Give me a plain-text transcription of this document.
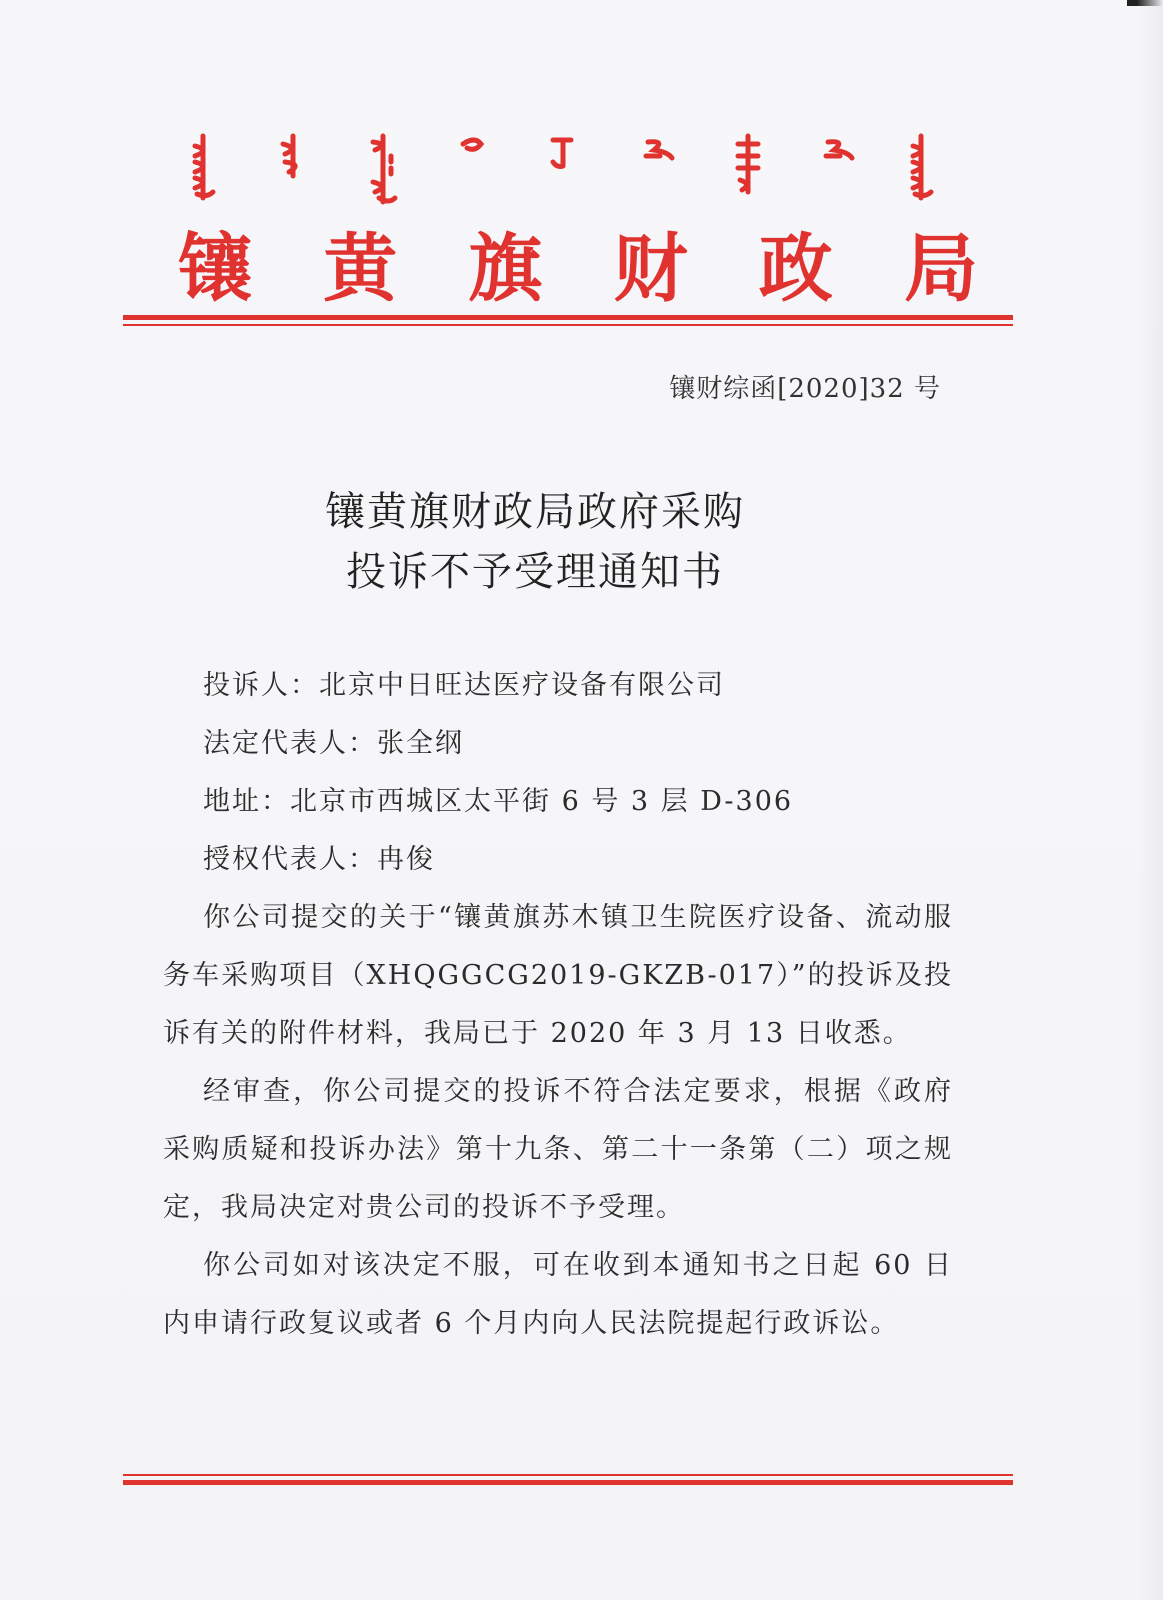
镶 黄 旗 财 政 局
镶财综函[2020]32 号
镶黄旗财政局政府采购
投诉不予受理通知书
投诉人：北京中日旺达医疗设备有限公司
法定代表人：张全纲
地址：北京市西城区太平街 6 号 3 层 D-306
授权代表人：冉俊

你公司提交的关于“镶黄旗苏木镇卫生院医疗设备、流动服务车采购项目（XHQGGCG2019-GKZB-017）”的投诉及投诉有关的附件材料，我局已于 2020 年 3 月 13 日收悉。

经审查，你公司提交的投诉不符合法定要求，根据《政府采购质疑和投诉办法》第十九条、第二十一条第（二）项之规定，我局决定对贵公司的投诉不予受理。

你公司如对该决定不服，可在收到本通知书之日起 60 日内申请行政复议或者 6 个月内向人民法院提起行政诉讼。
